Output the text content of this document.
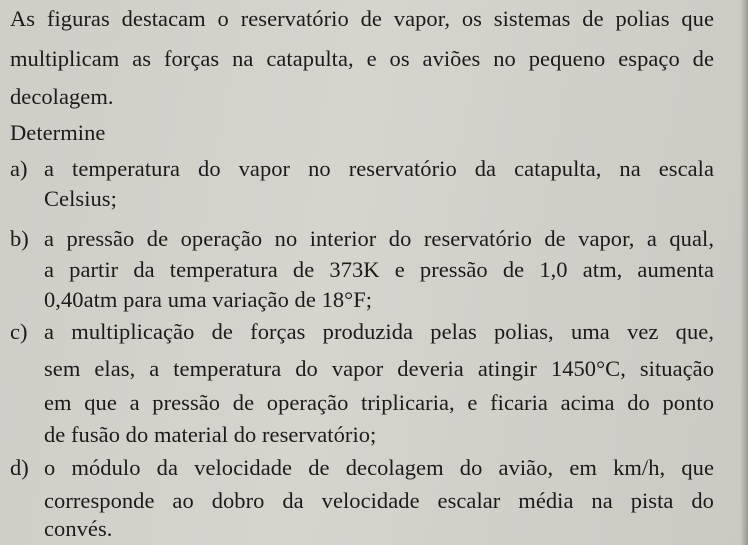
As figuras destacam o reservatório de vapor, os sistemas de polias que
multiplicam as forças na catapulta, e os aviões no pequeno espaço de
decolagem.
Determine
a) a temperatura do vapor no reservatório da catapulta, na escala
Celsius;
b) a pressão de operação no interior do reservatório de vapor, a qual,
a partir da temperatura de 373K e pressão de 1,0 atm, aumenta
0,40atm para uma variação de 18°F;
c) a multiplicação de forças produzida pelas polias, uma vez que,
sem elas, a temperatura do vapor deveria atingir 1450°C, situação
em que a pressão de operação triplicaria, e ficaria acima do ponto
de fusão do material do reservatório;
d) o módulo da velocidade de decolagem do avião, em km/h, que
corresponde ao dobro da velocidade escalar média na pista do
convés.
